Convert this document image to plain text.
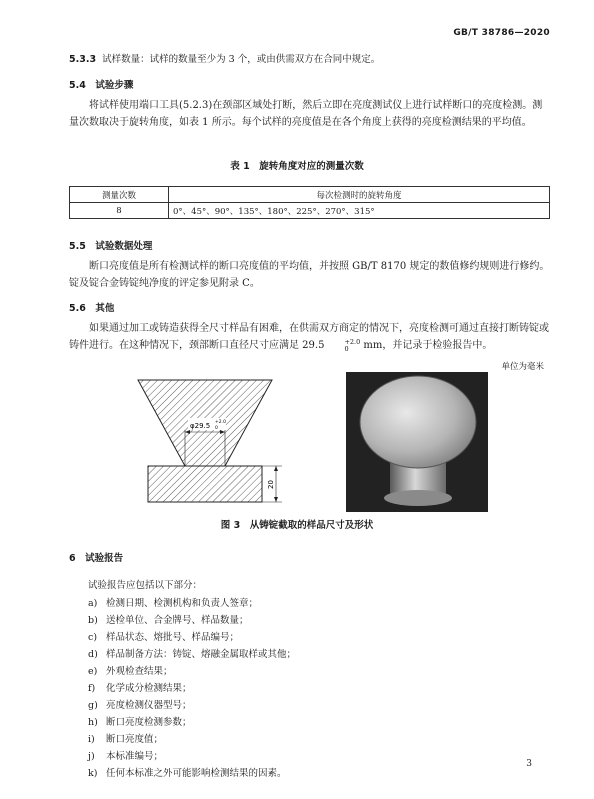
GB/T 38786—2020
5.3.3 试样数量：试样的数量至少为 3 个，或由供需双方在合同中规定。
5.4 试验步骤
将试样使用端口工具(5.2.3)在颈部区域处打断，然后立即在亮度测试仪上进行试样断口的亮度检测。测量次数取决于旋转角度，如表 1 所示。每个试样的亮度值是在各个角度上获得的亮度检测结果的平均值。
表 1　旋转角度对应的测量次数
测量次数	每次检测时的旋转角度
8	0°、45°、90°、135°、180°、225°、270°、315°
5.5 试验数据处理
断口亮度值是所有检测试样的断口亮度值的平均值，并按照 GB/T 8170 规定的数值修约规则进行修约。锭及锭合金铸锭纯净度的评定参见附录 C。
5.6 其他
如果通过加工或铸造获得全尺寸样品有困难，在供需双方商定的情况下，亮度检测可通过直接打断铸锭或铸件进行。在这种情况下，颈部断口直径尺寸应满足 29.5	+2.0
0	mm，并记录于检验报告中。
单位为毫米
φ29.5 +2.0
0
20
图 3　从铸锭截取的样品尺寸及形状
6 试验报告
试验报告应包括以下部分：
a) 检测日期、检测机构和负责人签章；
b) 送检单位、合金牌号、样品数量；
c) 样品状态、熔批号、样品编号；
d) 样品制备方法：铸锭、熔融金属取样或其他；
e) 外观检查结果；
f) 化学成分检测结果；
g) 亮度检测仪器型号；
h) 断口亮度检测参数；
i) 断口亮度值；
j) 本标准编号；
k) 任何本标准之外可能影响检测结果的因素。
3
